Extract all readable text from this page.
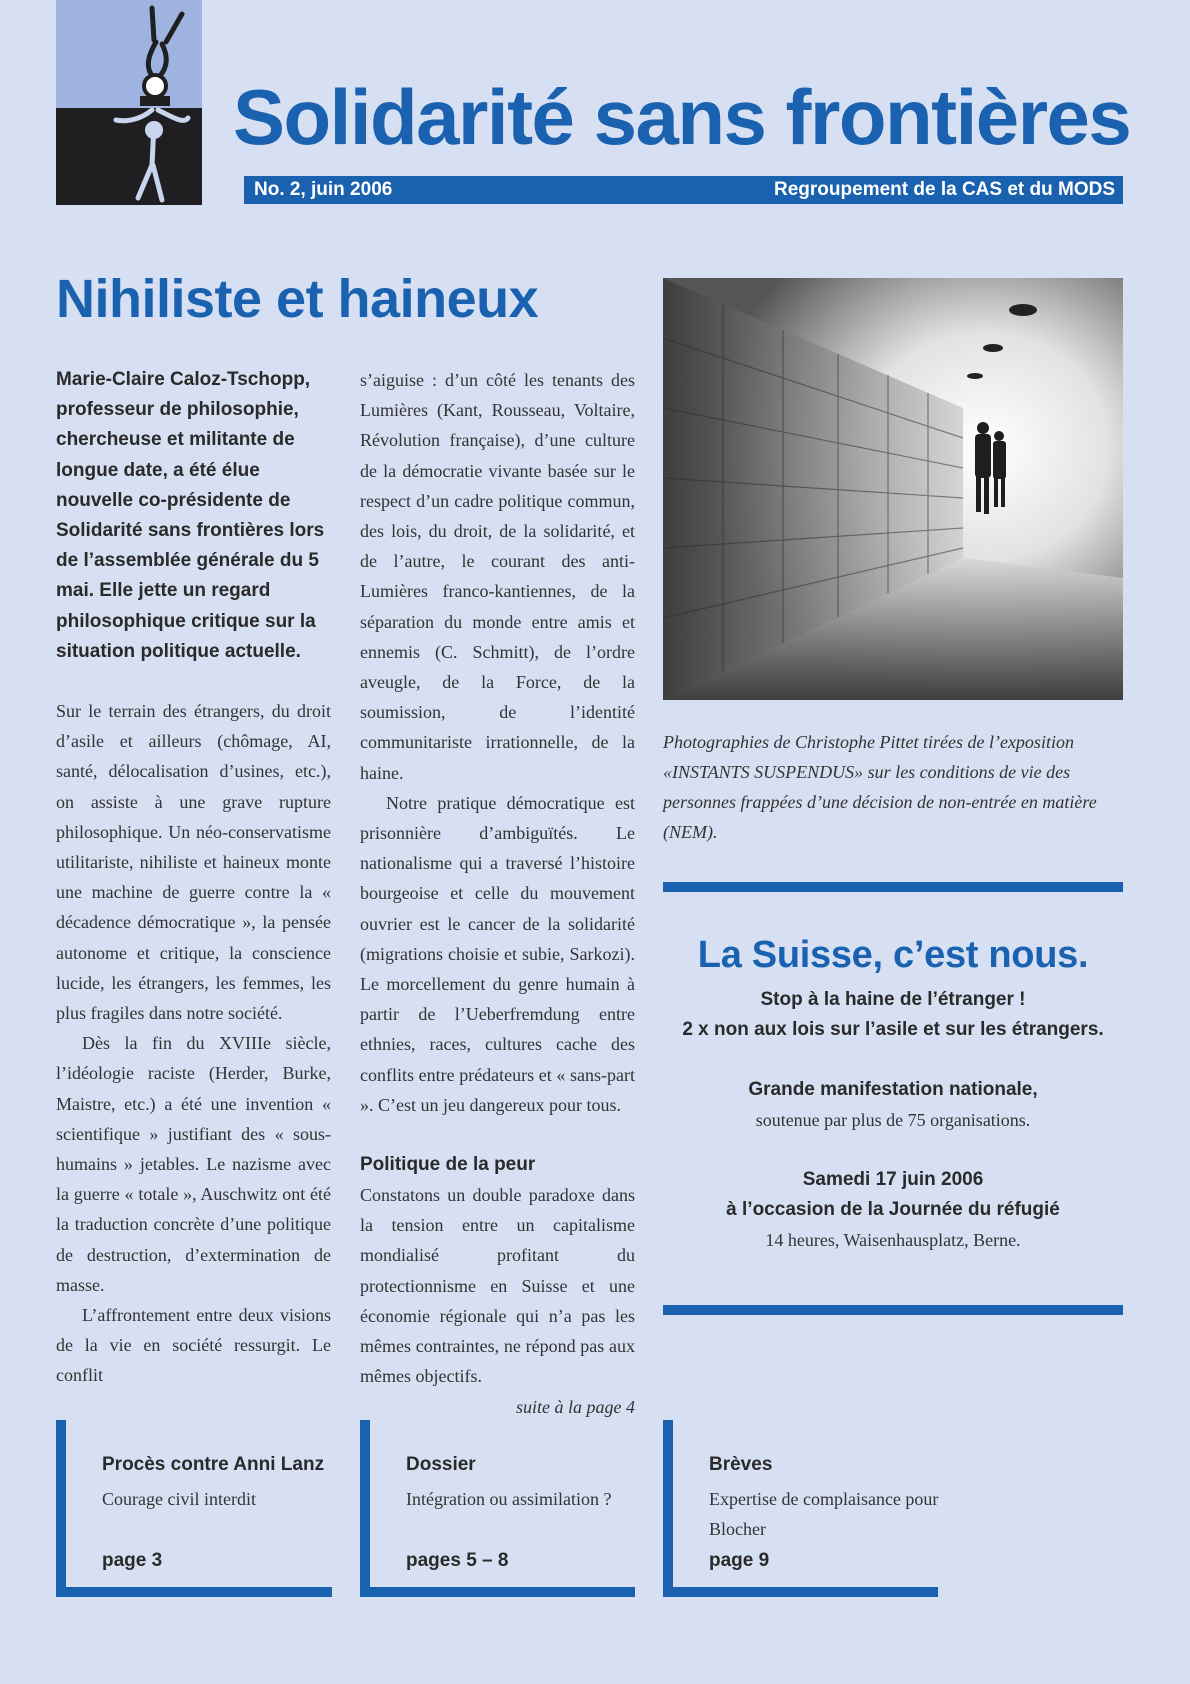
Solidarité sans frontières
No. 2, juin 2006	Regroupement de la CAS et du MODS
Nihiliste et haineux

Marie-Claire Caloz-Tschopp, professeur de philosophie, chercheuse et militante de longue date, a été élue nouvelle co-présidente de Solidarité sans frontières lors de l’assemblée générale du 5 mai. Elle jette un regard philosophique critique sur la situation politique actuelle.

Sur le terrain des étrangers, du droit d’asile et ailleurs (chômage, AI, santé, délocalisation d’usines, etc.), on assiste à une grave rupture philosophique. Un néo-conservatisme utilitariste, nihiliste et haineux monte une machine de guerre contre la « décadence démocratique », la pensée autonome et critique, la conscience lucide, les étrangers, les femmes, les plus fragiles dans notre société.

Dès la fin du XVIIIe siècle, l’idéologie raciste (Herder, Burke, Maistre, etc.) a été une invention « scientifique » justifiant des « sous-humains » jetables. Le nazisme avec la guerre « totale », Auschwitz ont été la traduction concrète d’une politique de destruction, d’extermination de masse.

L’affrontement entre deux visions de la vie en société ressurgit. Le conflit

s’aiguise : d’un côté les tenants des Lumières (Kant, Rousseau, Voltaire, Révolution française), d’une culture de la démocratie vivante basée sur le respect d’un cadre politique commun, des lois, du droit, de la solidarité, et de l’autre, le courant des anti-Lumières franco-kantiennes, de la séparation du monde entre amis et ennemis (C. Schmitt), de l’ordre aveugle, de la Force, de la soumission, de l’identité communitariste irrationnelle, de la haine.

Notre pratique démocratique est prisonnière d’ambiguïtés. Le nationalisme qui a traversé l’histoire bourgeoise et celle du mouvement ouvrier est le cancer de la solidarité (migrations choisie et subie, Sarkozi). Le morcellement du genre humain à partir de l’Ueberfremdung entre ethnies, races, cultures cache des conflits entre prédateurs et « sans-part ». C’est un jeu dangereux pour tous.

Politique de la peur

Constatons un double paradoxe dans la tension entre un capitalisme mondialisé profitant du protectionnisme en Suisse et une économie régionale qui n’a pas les mêmes contraintes, ne répond pas aux mêmes objectifs.

suite à la page 4

Photographies de Christophe Pittet tirées de l’exposition «INSTANTS SUSPENDUS» sur les conditions de vie des personnes frappées d’une décision de non-entrée en matière (NEM).

La Suisse, c’est nous.
Stop à la haine de l’étranger !
2 x non aux lois sur l’asile et sur les étrangers.
Grande manifestation nationale,
soutenue par plus de 75 organisations.
Samedi 17 juin 2006
à l’occasion de la Journée du réfugié
14 heures, Waisenhausplatz, Berne.
Procès contre Anni Lanz
Courage civil interdit
page 3
Dossier
Intégration ou assimilation ?
pages 5 – 8
Brèves
Expertise de complaisance pour Blocher
page 9
